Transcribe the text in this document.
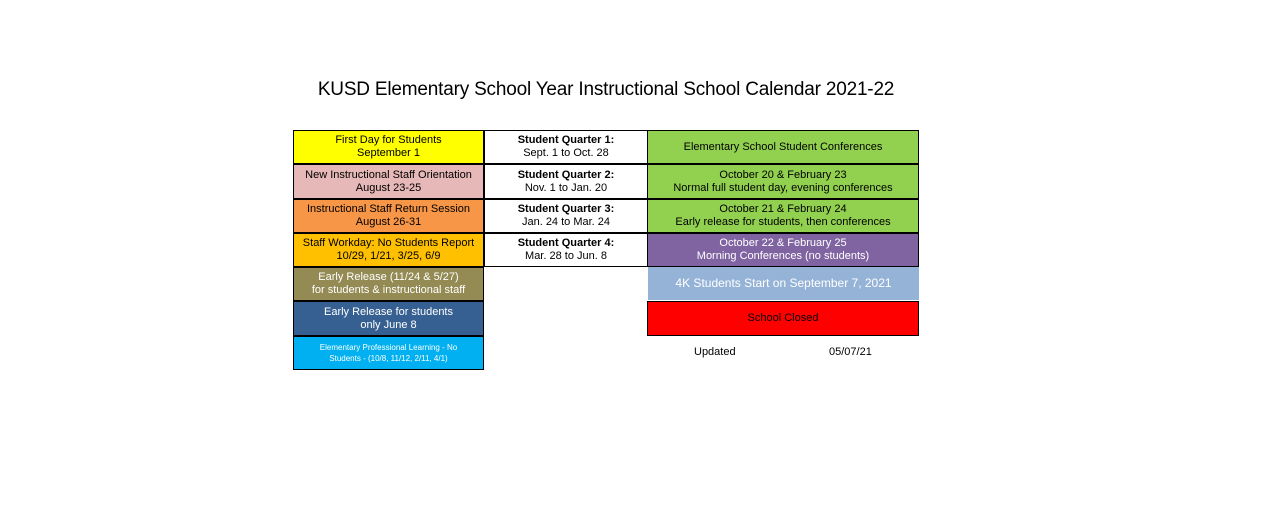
KUSD Elementary School Year Instructional School Calendar 2021-22
First Day for Students
September 1
New Instructional Staff Orientation
August 23-25
Instructional Staff Return Session
August 26-31
Staff Workday: No Students Report
10/29, 1/21, 3/25, 6/9
Early Release (11/24 & 5/27)
for students & instructional staff
Early Release for students
only June 8
Elementary Professional Learning - No
Students - (10/8, 11/12, 2/11, 4/1)
Student Quarter 1:
Sept. 1 to Oct. 28
Student Quarter 2:
Nov. 1 to Jan. 20
Student Quarter 3:
Jan. 24 to Mar. 24
Student Quarter 4:
Mar. 28 to Jun. 8
Elementary School Student Conferences
October 20 & February 23
Normal full student day, evening conferences
October 21 & February 24
Early release for students, then conferences
October 22 & February 25
Morning Conferences (no students)
4K Students Start on September 7, 2021
School Closed
Updated	05/07/21
